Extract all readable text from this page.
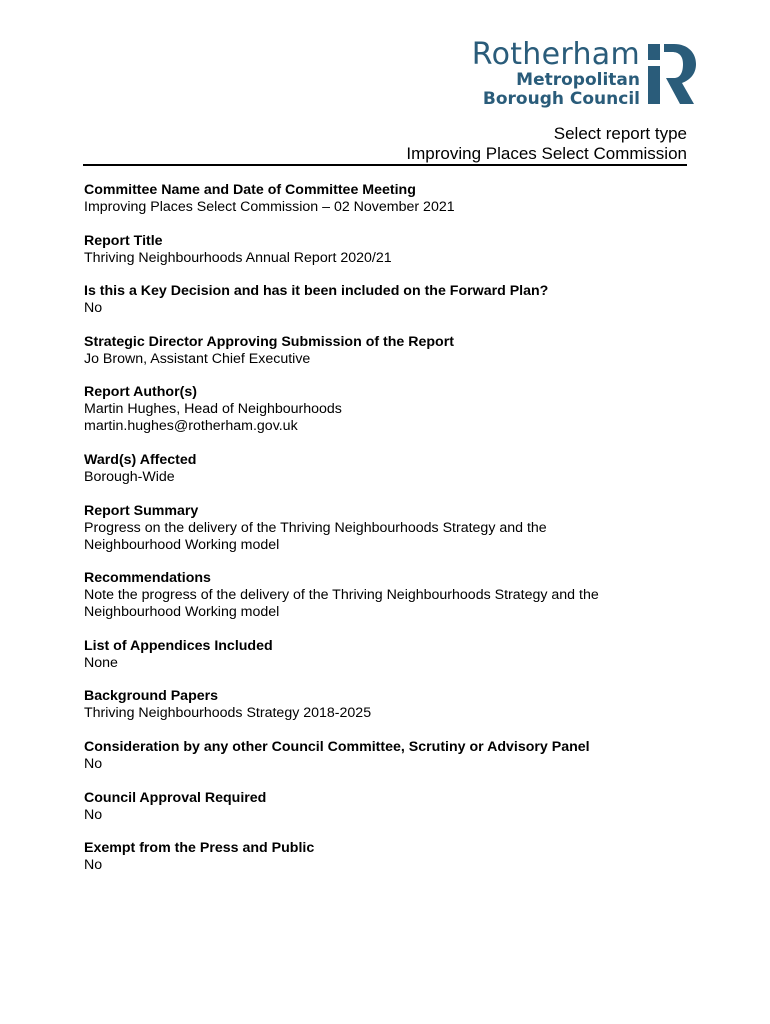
Rotherham
Metropolitan
Borough Council
Select report type
Improving Places Select Commission
Committee Name and Date of Committee Meeting
Improving Places Select Commission – 02 November 2021
Report Title
Thriving Neighbourhoods Annual Report 2020/21
Is this a Key Decision and has it been included on the Forward Plan?
No
Strategic Director Approving Submission of the Report
Jo Brown, Assistant Chief Executive
Report Author(s)
Martin Hughes, Head of Neighbourhoods
martin.hughes@rotherham.gov.uk
Ward(s) Affected
Borough-Wide
Report Summary
Progress on the delivery of the Thriving Neighbourhoods Strategy and the
Neighbourhood Working model
Recommendations
Note the progress of the delivery of the Thriving Neighbourhoods Strategy and the
Neighbourhood Working model
List of Appendices Included
None
Background Papers
Thriving Neighbourhoods Strategy 2018-2025
Consideration by any other Council Committee, Scrutiny or Advisory Panel
No
Council Approval Required
No
Exempt from the Press and Public
No
